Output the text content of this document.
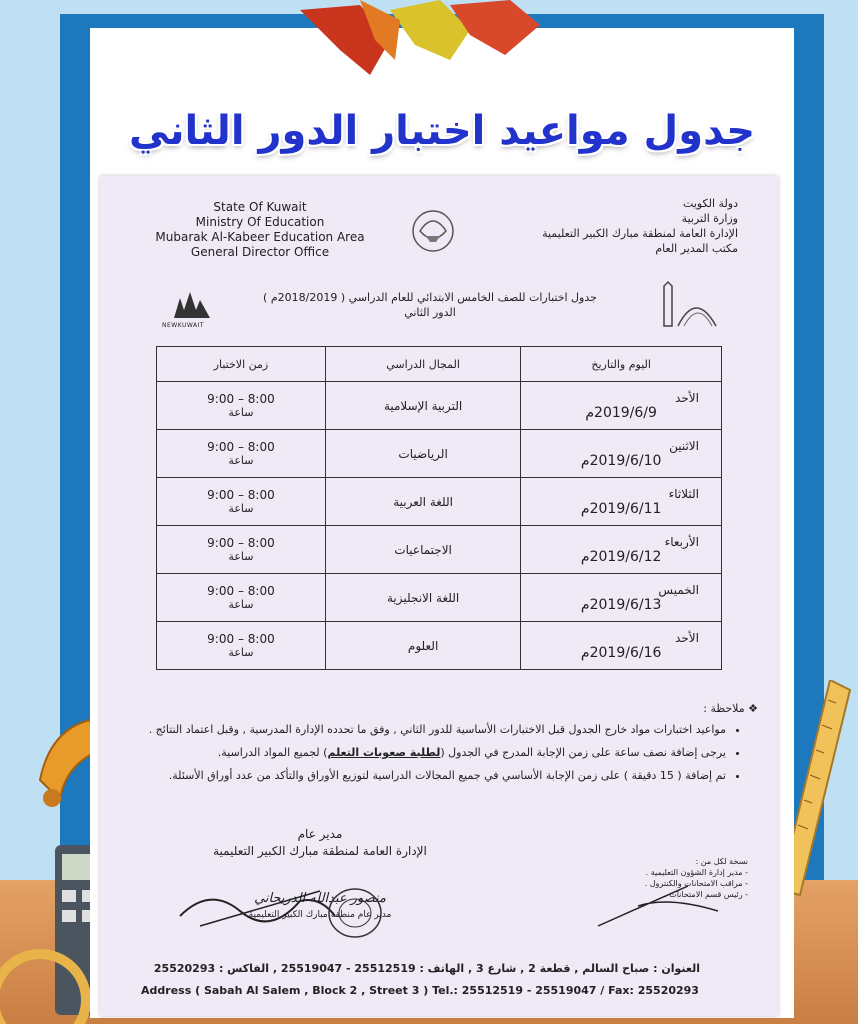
جدول مواعيد اختبار الدور الثاني
State Of Kuwait
Ministry Of Education
Mubarak Al-Kabeer Education Area
General Director Office
دولة الكويت
وزارة التربية
الإدارة العامة لمنطقة مبارك الكبير التعليمية
مكتب المدير العام
NEWKUWAIT
جدول اختبارات للصف الخامس الابتدائي للعام الدراسي ( 2018/2019م )
الدور الثاني
اليوم والتاريخ	المجال الدراسي	زمن الاختبار

الأحد
2019/6/9م	التربية الإسلامية	8:00 – 9:00
ساعة

الاثنين
2019/6/10م	الرياضيات	8:00 – 9:00
ساعة

الثلاثاء
2019/6/11م	اللغة العربية	8:00 – 9:00
ساعة

الأربعاء
2019/6/12م	الاجتماعيات	8:00 – 9:00
ساعة

الخميس
2019/6/13م	اللغة الانجليزية	8:00 – 9:00
ساعة

الأحد
2019/6/16م	العلوم	8:00 – 9:00
ساعة
❖ ملاحظة :
• مواعيد اختبارات مواد خارج الجدول قبل الاختبارات الأساسية للدور الثاني , وفق ما تحدده الإدارة المدرسية , وقبل اعتماد النتائج .
• يرجى إضافة نصف ساعة على زمن الإجابة المدرج في الجدول (لطلبة صعوبات التعلم) لجميع المواد الدراسية.
• تم إضافة ( 15 دقيقة ) على زمن الإجابة الأساسي في جميع المجالات الدراسية لتوزيع الأوراق والتأكد من عدد أوراق الأسئلة.
مدير عام
الإدارة العامة لمنطقة مبارك الكبير التعليمية
منصور عبدالله الدريحاني
مدير عام منطقة مبارك الكبير التعليمية
نسخة لكل من :
- مدير إدارة الشؤون التعليمية .
- مراقب الامتحانات والكنترول .
- رئيس قسم الامتحانات .
العنوان : صباح السالم , قطعة 2 , شارع 3 , الهاتف : 25512519 - 25519047 , الفاكس : 25520293
Address ( Sabah Al Salem , Block 2 , Street 3 ) Tel.: 25512519 - 25519047 / Fax: 25520293
